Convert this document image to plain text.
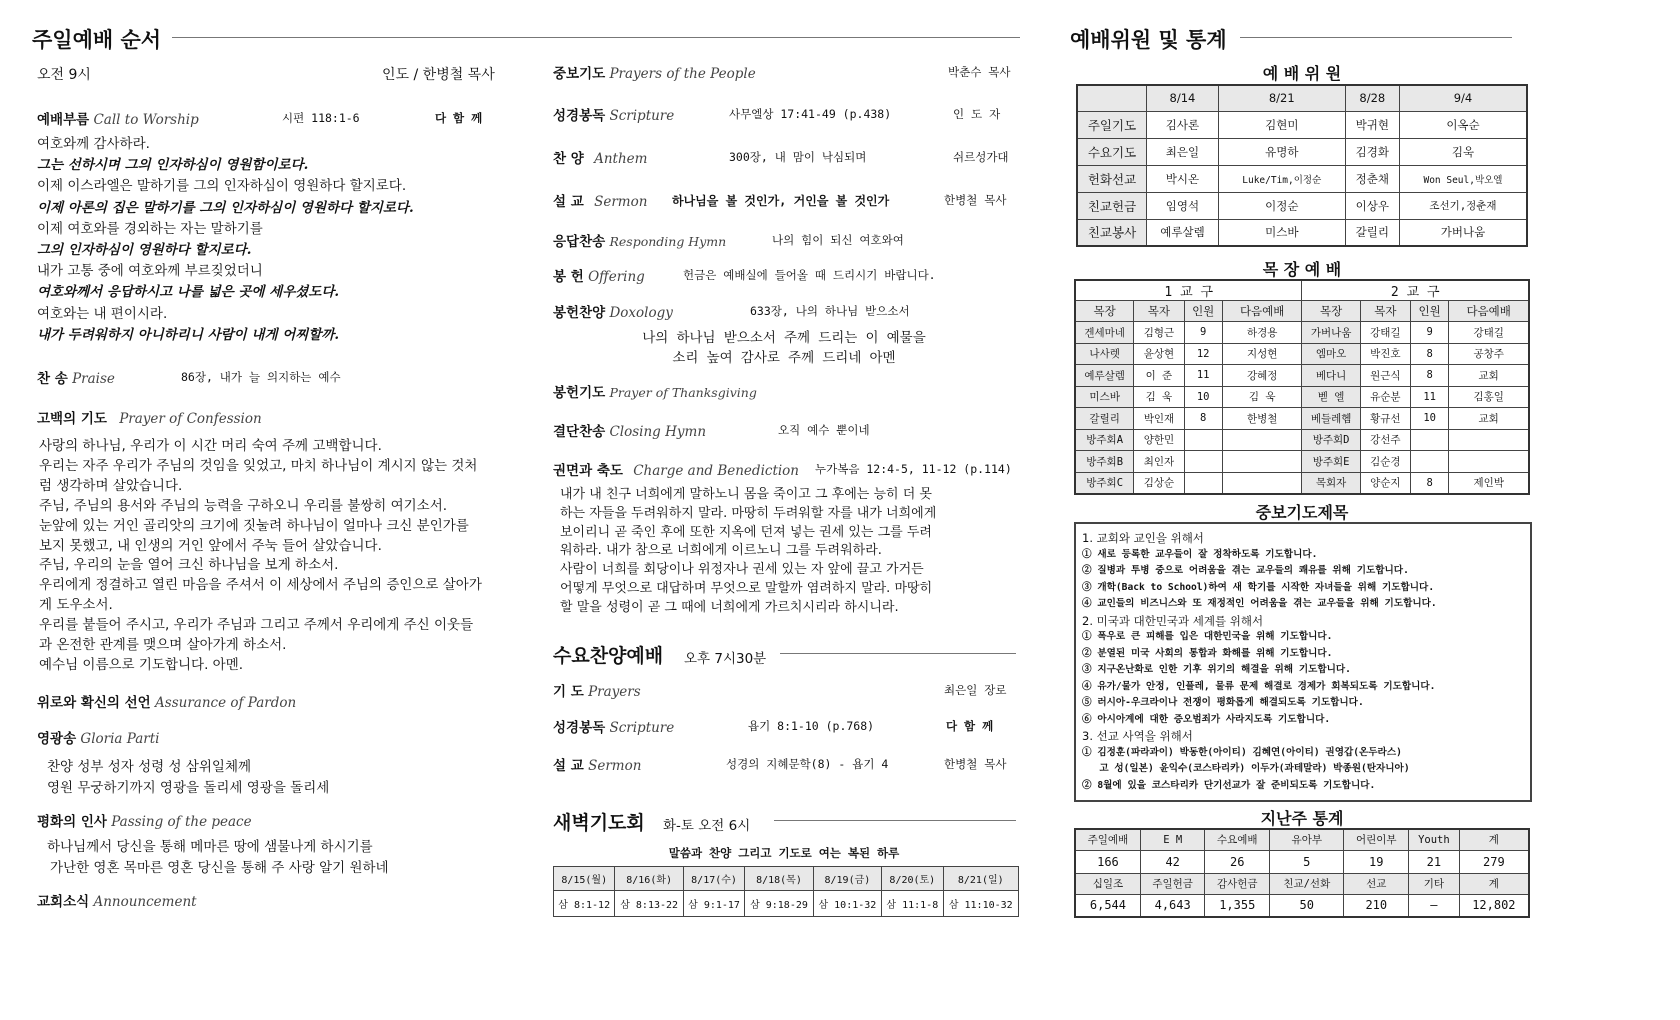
주일예배 순서
오전 9시	인도 / 한병철 목사
예배부름 Call to Worship	시편 118:1-6	다 함 께
여호와께 감사하라.
그는 선하시며 그의 인자하심이 영원함이로다.
이제 이스라엘은 말하기를 그의 인자하심이 영원하다 할지로다.
이제 아론의 집은 말하기를 그의 인자하심이 영원하다 할지로다.
이제 여호와를 경외하는 자는 말하기를
그의 인자하심이 영원하다 할지로다.
내가 고통 중에 여호와께 부르짖었더니
여호와께서 응답하시고 나를 넓은 곳에 세우셨도다.
여호와는 내 편이시라.
내가 두려워하지 아니하리니 사람이 내게 어찌할까.
찬 송 Praise	86장, 내가 늘 의지하는 예수
고백의 기도 Prayer of Confession
사랑의 하나님, 우리가 이 시간 머리 숙여 주께 고백합니다.
우리는 자주 우리가 주님의 것임을 잊었고, 마치 하나님이 계시지 않는 것처
럼 생각하며 살았습니다.
주님, 주님의 용서와 주님의 능력을 구하오니 우리를 불쌍히 여기소서.
눈앞에 있는 거인 골리앗의 크기에 짓눌려 하나님이 얼마나 크신 분인가를
보지 못했고, 내 인생의 거인 앞에서 주눅 들어 살았습니다.
주님, 우리의 눈을 열어 크신 하나님을 보게 하소서.
우리에게 정결하고 열린 마음을 주셔서 이 세상에서 주님의 증인으로 살아가
게 도우소서.
우리를 붙들어 주시고, 우리가 주님과 그리고 주께서 우리에게 주신 이웃들
과 온전한 관계를 맺으며 살아가게 하소서.
예수님 이름으로 기도합니다. 아멘.
위로와 확신의 선언 Assurance of Pardon
영광송 Gloria Parti
찬양 성부 성자 성령 성 삼위일체께
영원 무궁하기까지 영광을 돌리세 영광을 돌리세
평화의 인사 Passing of the peace
하나님께서 당신을 통해 메마른 땅에 샘물나게 하시기를
가난한 영혼 목마른 영혼 당신을 통해 주 사랑 알기 원하네
교회소식 Announcement
중보기도 Prayers of the People	박춘수 목사
성경봉독 Scripture	사무엘상 17:41-49 (p.438)	인 도 자
찬 양 Anthem	300장, 내 맘이 낙심되며	쉬르성가대
설 교 Sermon 하나님을 볼 것인가, 거인을 볼 것인가	한병철 목사
응답찬송 Responding Hymn	나의 힘이 되신 여호와여
봉 헌 Offering	헌금은 예배실에 들어올 때 드리시기 바랍니다.
봉헌찬양 Doxology	633장, 나의 하나님 받으소서
나의 하나님 받으소서 주께 드리는 이 예물을
소리 높여 감사로 주께 드리네 아멘
봉헌기도 Prayer of Thanksgiving
결단찬송 Closing Hymn	오직 예수 뿐이네
권면과 축도 Charge and Benediction 누가복음 12:4-5, 11-12 (p.114)
내가 내 친구 너희에게 말하노니 몸을 죽이고 그 후에는 능히 더 못
하는 자들을 두려워하지 말라. 마땅히 두려워할 자를 내가 너희에게
보이리니 곧 죽인 후에 또한 지옥에 던져 넣는 권세 있는 그를 두려
워하라. 내가 참으로 너희에게 이르노니 그를 두려워하라.
사람이 너희를 회당이나 위정자나 권세 있는 자 앞에 끌고 가거든
어떻게 무엇으로 대답하며 무엇으로 말할까 염려하지 말라. 마땅히
할 말을 성령이 곧 그 때에 너희에게 가르치시리라 하시니라.
수요찬양예배 오후 7시30분
기 도 Prayers	최은일 장로
성경봉독 Scripture	욥기 8:1-10 (p.768)	다 함 께
설 교 Sermon	성경의 지혜문학(8) - 욥기 4	한병철 목사
새벽기도회 화-토 오전 6시
말씀과 찬양 그리고 기도로 여는 복된 하루
8/15(월)	8/16(화)	8/17(수)	8/18(목)	8/19(금)	8/20(토)	8/21(일)
삼 8:1-12	삼 8:13-22	삼 9:1-17	삼 9:18-29	삼 10:1-32	삼 11:1-8	삼 11:10-32
예배위원 및 통계
예 배 위 원
	8/14	8/21	8/28	9/4
주일기도	김사론	김현미	박귀현	이옥순
수요기도	최은일	유명하	김경화	김욱
헌화선교	박시온	Luke/Tim,이정순	정춘채	Won Seul,박오엘
친교헌금	임영석	이정순	이상우	조선기,정춘재
친교봉사	예루살렘	미스바	갈릴리	가버나움
목 장 예 배
1 교 구				2 교 구			
목장	목자	인원	다음예배	목장	목자	인원	다음예배
겐세마네	김형근	9	하경용	가버나움	강태길	9	강태길
나사렛	윤상현	12	지성현	엠마오	박진호	8	공창주
예루살렘	이 준	11	강혜정	베다니	원근식	8	교회
미스바	김 욱	10	김 욱	벧 엘	유순분	11	김홍일
갈릴리	박인재	8	한병철	베들레헴	황규선	10	교회
방주회A	양한민			방주회D	강선주		
방주회B	최인자			방주회E	김순경		
방주회C	김상순			목회자	양순지	8	제인박
중보기도제목
1. 교회와 교인을 위해서
① 새로 등록한 교우들이 잘 정착하도록 기도합니다.
② 질병과 투병 중으로 어려움을 겪는 교우들의 쾌유를 위해 기도합니다.
③ 개학(Back to School)하여 새 학기를 시작한 자녀들을 위해 기도합니다.
④ 교인들의 비즈니스와 또 재정적인 어려움을 겪는 교우들을 위해 기도합니다.
2. 미국과 대한민국과 세계를 위해서
① 폭우로 큰 피해를 입은 대한민국을 위해 기도합니다.
② 분열된 미국 사회의 통합과 화해를 위해 기도합니다.
③ 지구온난화로 인한 기후 위기의 해결을 위해 기도합니다.
④ 유가/물가 안정, 인플레, 물류 문제 해결로 경제가 회복되도록 기도합니다.
⑤ 러시아-우크라이나 전쟁이 평화롭게 해결되도록 기도합니다.
⑥ 아시아계에 대한 증오범죄가 사라지도록 기도합니다.
3. 선교 사역을 위해서
① 김정훈(파라과이) 박동한(아이티) 김혜연(아이티) 권영갑(온두라스)
고 성(일본) 윤익수(코스타리카) 이두가(과테말라) 박종원(탄자니아)
② 8월에 있을 코스타리카 단기선교가 잘 준비되도록 기도합니다.
지난주 통계
주일예배	E M	수요예배	유아부	어린이부	Youth	계
166	42	26	5	19	21	279
십일조	주일헌금	감사헌금	친교/선화	선교	기타	계
6,544	4,643	1,355	50	210	–	12,802
